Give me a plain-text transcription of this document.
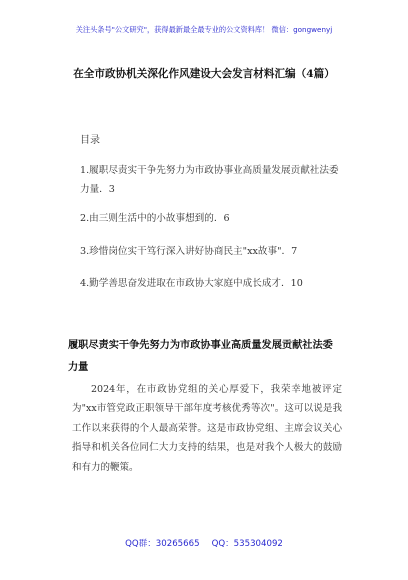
关注头条号"公文研究"，获得最新最全最专业的公文资料库！ 微信：gongwenyj
在全市政协机关深化作风建设大会发言材料汇编（4篇）
目录
1.履职尽责实干争先努力为市政协事业高质量发展贡献社法委力量．3
2.由三则生活中的小故事想到的．6
3.珍惜岗位实干笃行深入讲好协商民主"xx故事"．7
4.勤学善思奋发进取在市政协大家庭中成长成才．10
履职尽责实干争先努力为市政协事业高质量发展贡献社法委力量
2024年，在市政协党组的关心厚爱下，我荣幸地被评定为"xx市管党政正职领导干部年度考核优秀等次"。这可以说是我工作以来获得的个人最高荣誉。这是市政协党组、主席会议关心指导和机关各位同仁大力支持的结果，也是对我个人极大的鼓励和有力的鞭策。
QQ群：30265665 QQ：535304092
